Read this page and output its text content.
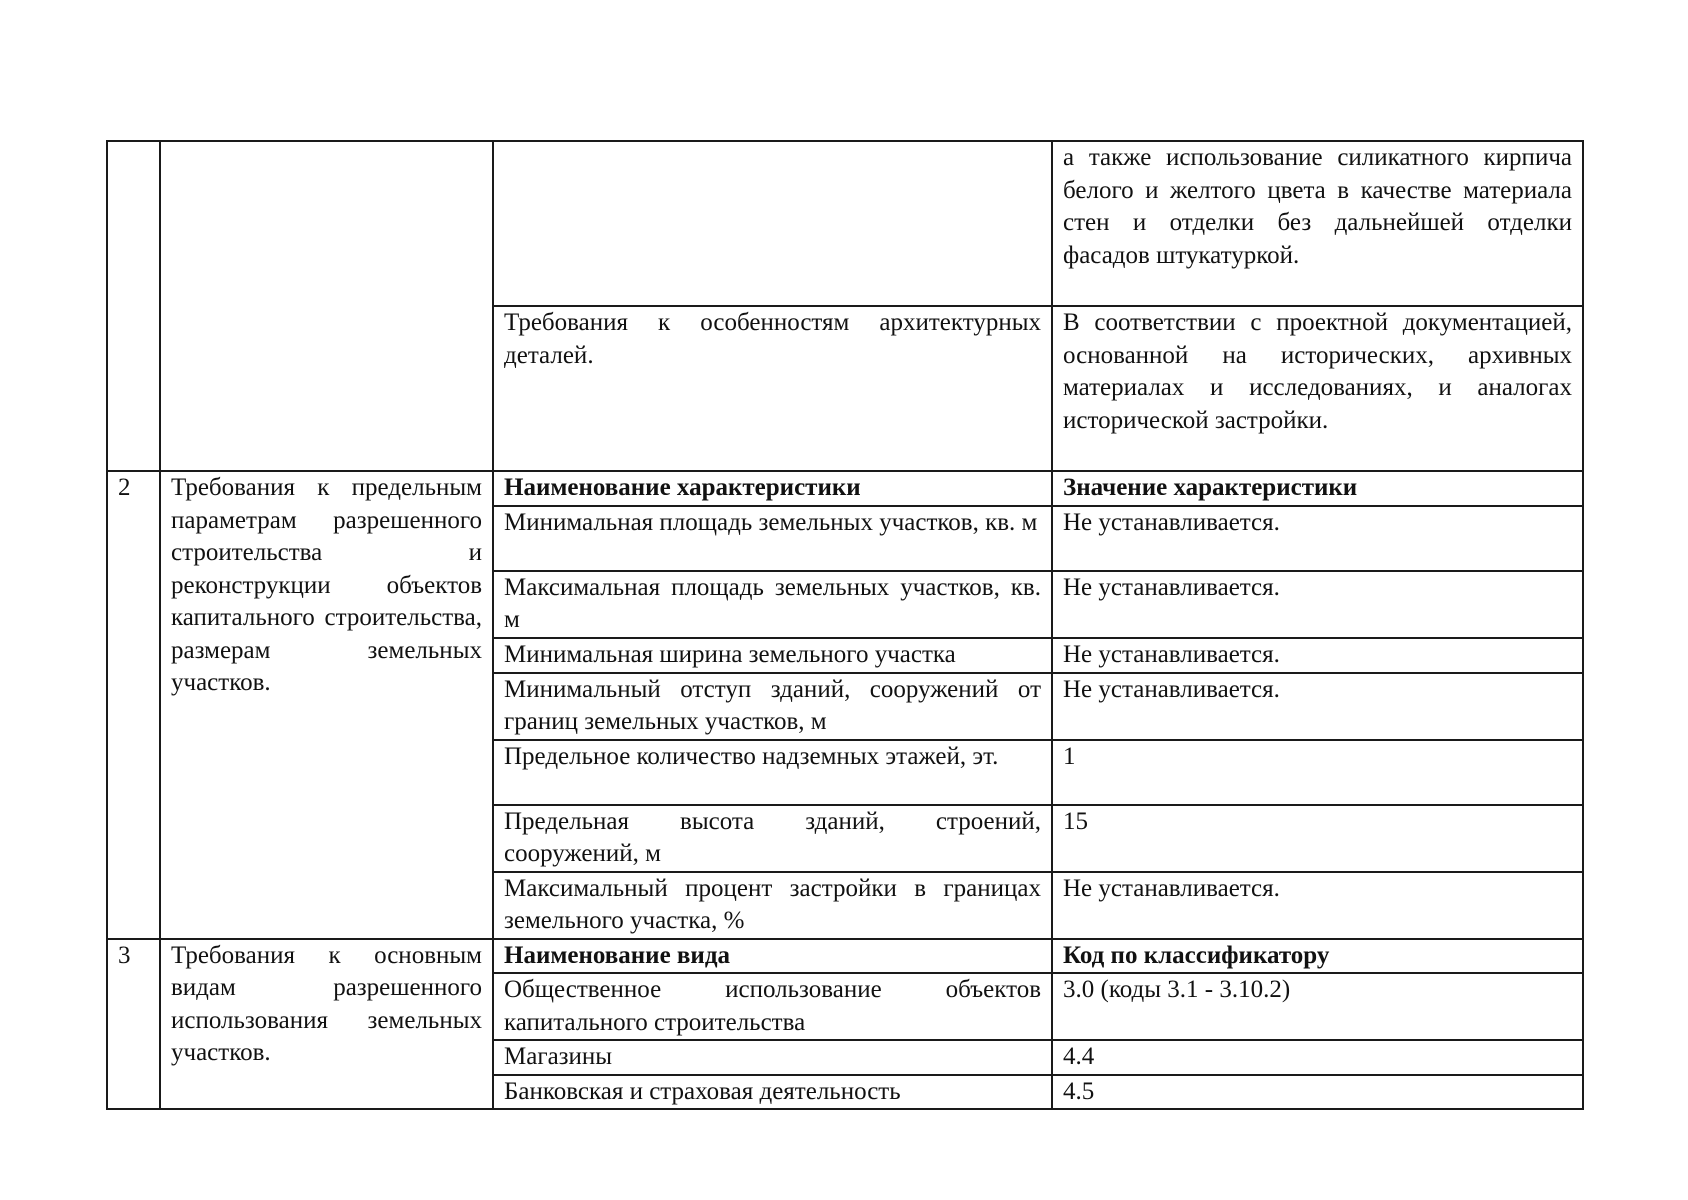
			а также использование силикатного кирпича белого и желтого цвета в качестве материала стен и отделки без дальнейшей отделки фасадов штукатуркой.
		Требования к особенностям архитектурных деталей.	В соответствии с проектной документацией, основанной на исторических, архивных материалах и исследованиях, и аналогах исторической застройки.
2	Требования к предельным параметрам разрешенного строительства и реконструкции объектов капитального строительства, размерам земельных участков.	Наименование характеристики	Значение характеристики
		Минимальная площадь земельных участков, кв. м	Не устанавливается.
		Максимальная площадь земельных участков, кв. м	Не устанавливается.
		Минимальная ширина земельного участка	Не устанавливается.
		Минимальный отступ зданий, сооружений от границ земельных участков, м	Не устанавливается.
		Предельное количество надземных этажей, эт.	1
		Предельная высота зданий, строений, сооружений, м	15
		Максимальный процент застройки в границах земельного участка, %	Не устанавливается.
3	Требования к основным видам разрешенного использования земельных участков.	Наименование вида	Код по классификатору
		Общественное использование объектов капитального строительства	3.0 (коды 3.1 - 3.10.2)
		Магазины	4.4
		Банковская и страховая деятельность	4.5
